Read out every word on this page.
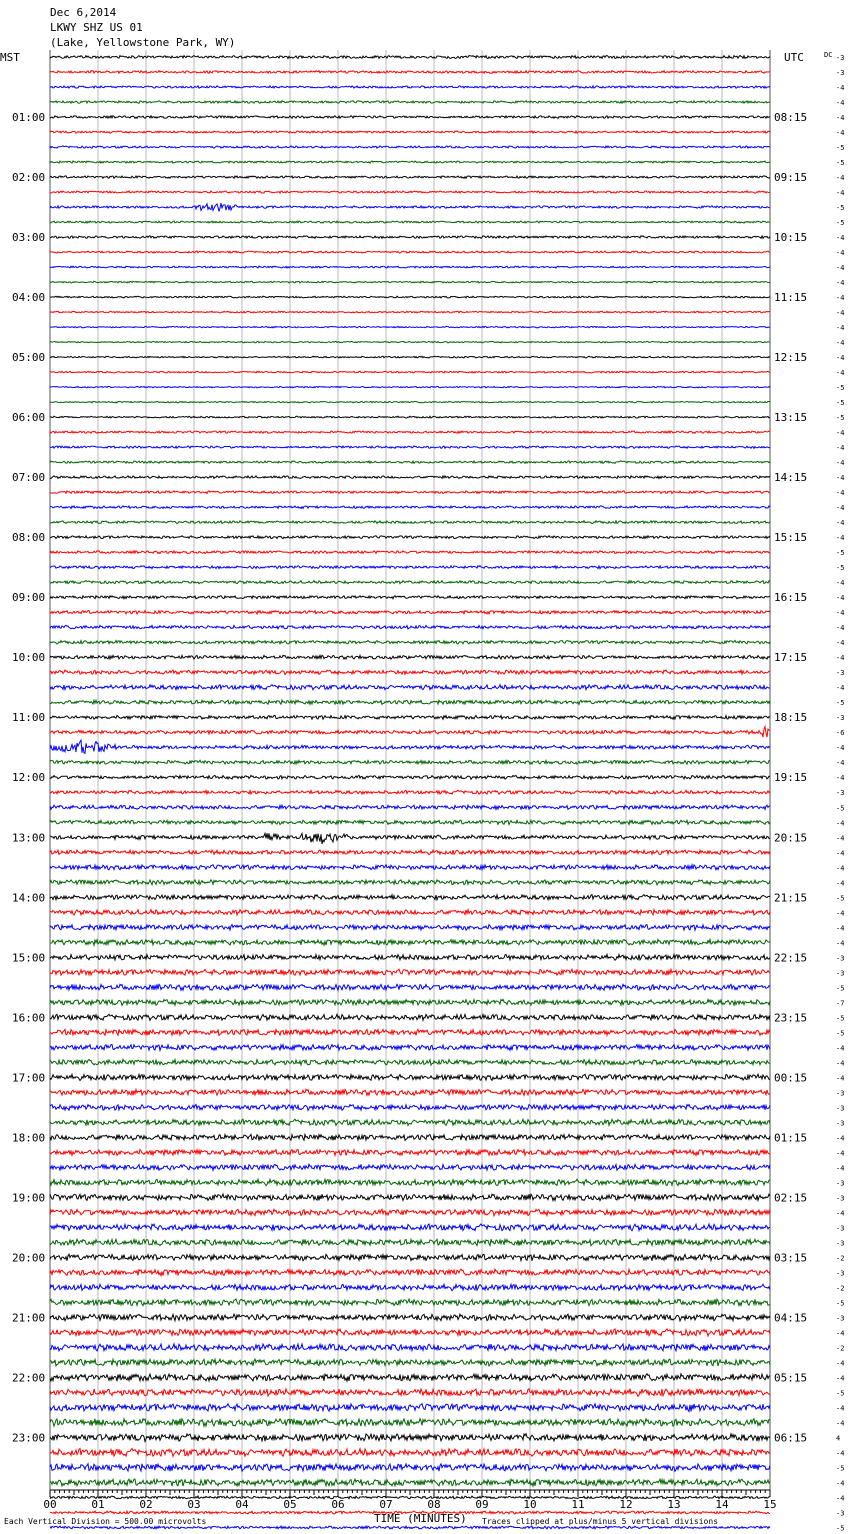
Dec 6,2014
LKWY SHZ US 01
(Lake, Yellowstone Park, WY)
MST	UTC	DC
01:00
02:00
03:00
04:00
05:00
06:00
07:00
08:00
09:00
10:00
11:00
12:00
13:00
14:00
15:00
16:00
17:00
18:00
19:00
20:00
21:00
22:00
23:00
08:15
09:15
10:15
11:15
12:15
13:15
14:15
15:15
16:15
17:15
18:15
19:15
20:15
21:15
22:15
23:15
00:15
01:15
02:15
03:15
04:15
05:15
06:15
-3
-3
-4
-4
-4
-4
-5
-5
-4
-4
-5
-5
-4
-4
-4
-4
-4
-4
-4
-4
-4
-4
-5
-5
-5
-4
-4
-4
-4
-4
-4
-4
-4
-5
-5
-4
-4
-4
-4
-4
-4
-3
-4
-5
-3
-6
-4
-4
-4
-3
-5
-4
-4
-4
-4
-4
-5
-4
-4
-4
-3
-3
-5
-7
-5
-5
-4
-4
-4
-3
-3
-3
-4
-4
-4
-3
-3
-4
-3
-3
-2
-3
-2
-5
-3
-4
-2
-4
-4
-5
-4
-4
4
-4
-5
-4
-4
-3
-5
00	01	02	03	04	05	06	07	08	09	10	11	12	13	14	15
TIME (MINUTES)
Each Vertical Division = 500.00 microvolts	Traces clipped at plus/minus 5 vertical divisions
